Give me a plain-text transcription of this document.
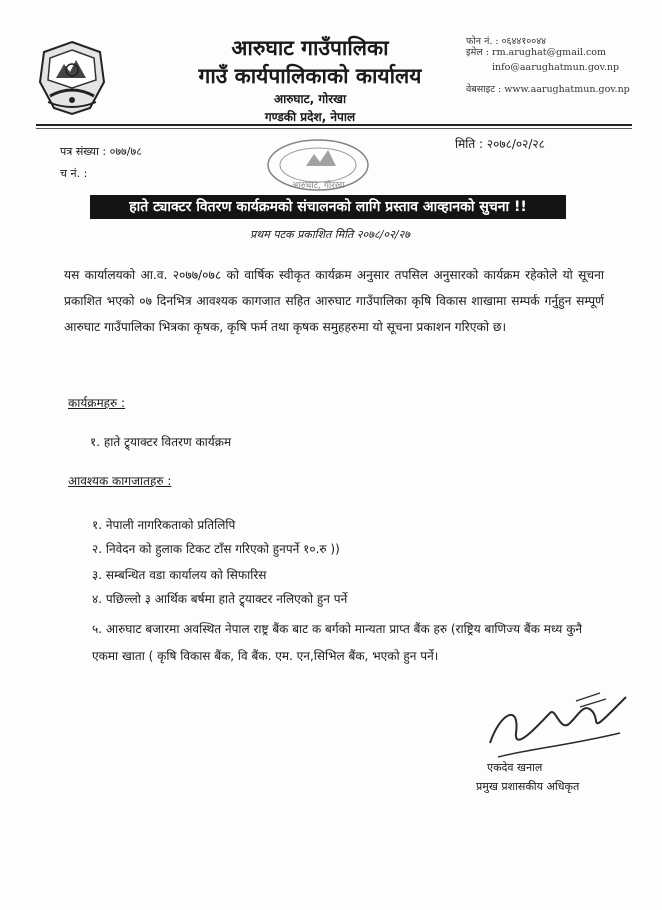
आरुघाट गाउँपालिका
गाउँ कार्यपालिकाको कार्यालय
आरुघाट, गोरखा
गण्डकी प्रदेश, नेपाल
फोन नं. : ०६४४१००४४
इमेल : rm.arughat@gmail.com
info@aarughatmun.gov.np
वेबसाइट : www.aarughatmun.gov.np
पत्र संख्या : ०७७/७८
मिति : २०७८/०२/२८
च नं. :
आरुघाट, गोरखा
हाते ट्याक्टर वितरण कार्यक्रमको संचालनको लागि प्रस्ताव आव्हानको सुचना !!
प्रथम पटक प्रकाशित मिति २०७८/०२/२७
यस कार्यालयको आ.व. २०७७/०७८ को वार्षिक स्वीकृत कार्यक्रम अनुसार तपसिल अनुसारको कार्यक्रम रहेकोले यो सूचना प्रकाशित भएको ०७ दिनभित्र आवश्यक कागजात सहित आरुघाट गाउँपालिका कृषि विकास शाखामा सम्पर्क गर्नुहुन सम्पूर्ण आरुघाट गाउँपालिका भित्रका कृषक, कृषि फर्म तथा कृषक समुहहरुमा यो सूचना प्रकाशन गरिएको छ।
कार्यक्रमहरु :
१. हाते ट्र्याक्टर वितरण कार्यक्रम
आवश्यक कागजातहरु :
१. नेपाली नागरिकताको प्रतिलिपि
२. निवेदन को हुलाक टिकट टाँस गरिएको हुनपर्ने १०.रु ))
३. सम्बन्धित वडा कार्यालय को सिफारिस
४. पछिल्लो ३ आर्थिक बर्षमा हाते ट्र्याक्टर नलिएको हुन पर्ने
५. आरुघाट बजारमा अवस्थित नेपाल राष्ट्र बैंक बाट क बर्गको मान्यता प्राप्त बैंक हरु (राष्ट्रिय बाणिज्य बैंक मध्य कुनै एकमा खाता ( कृषि विकास बैंक, वि बैंक. एम. एन,सिभिल बैंक, भएको हुन पर्ने।
एकदेव खनाल
प्रमुख प्रशासकीय अधिकृत
